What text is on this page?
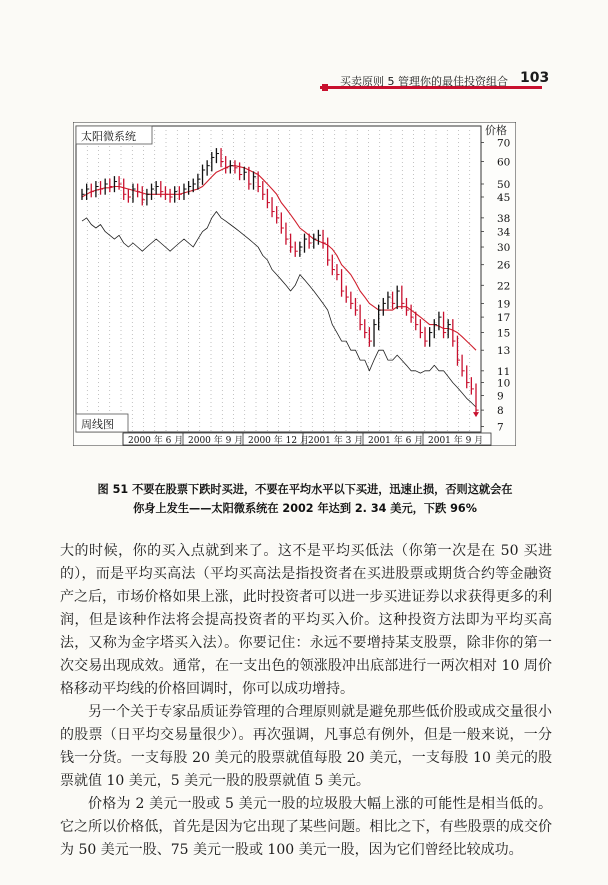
买卖原则 5 管理你的最佳投资组合 103
70
60
50
45
38
34
30
26
22
19
17
15
13
11
10
9
8
7
价格
太阳微系统
周线图
2000 年 6 月 2000 年 9 月 2000 年 12 月 2001 年 3 月 2001 年 6 月 2001 年 9 月
图 51 不要在股票下跌时买进，不要在平均水平以下买进，迅速止损，否则这就会在
你身上发生——太阳微系统在 2002 年达到 2. 34 美元，下跌 96%

大的时候，你的买入点就到来了。这不是平均买低法（你第一次是在 50 买进的），而是平均买高法（平均买高法是指投资者在买进股票或期货合约等金融资产之后，市场价格如果上涨，此时投资者可以进一步买进证券以求获得更多的利润，但是该种作法将会提高投资者的平均买入价。这种投资方法即为平均买高法，又称为金字塔买入法）。你要记住：永远不要增持某支股票，除非你的第一次交易出现成效。通常，在一支出色的领涨股冲出底部进行一两次相对 10 周价格移动平均线的价格回调时，你可以成功增持。

另一个关于专家品质证券管理的合理原则就是避免那些低价股或成交量很小的股票（日平均交易量很少）。再次强调，凡事总有例外，但是一般来说，一分钱一分货。一支每股 20 美元的股票就值每股 20 美元，一支每股 10 美元的股票就值 10 美元，5 美元一股的股票就值 5 美元。

价格为 2 美元一股或 5 美元一股的垃圾股大幅上涨的可能性是相当低的。它之所以价格低，首先是因为它出现了某些问题。相比之下，有些股票的成交价为 50 美元一股、75 美元一股或 100 美元一股，因为它们曾经比较成功。
